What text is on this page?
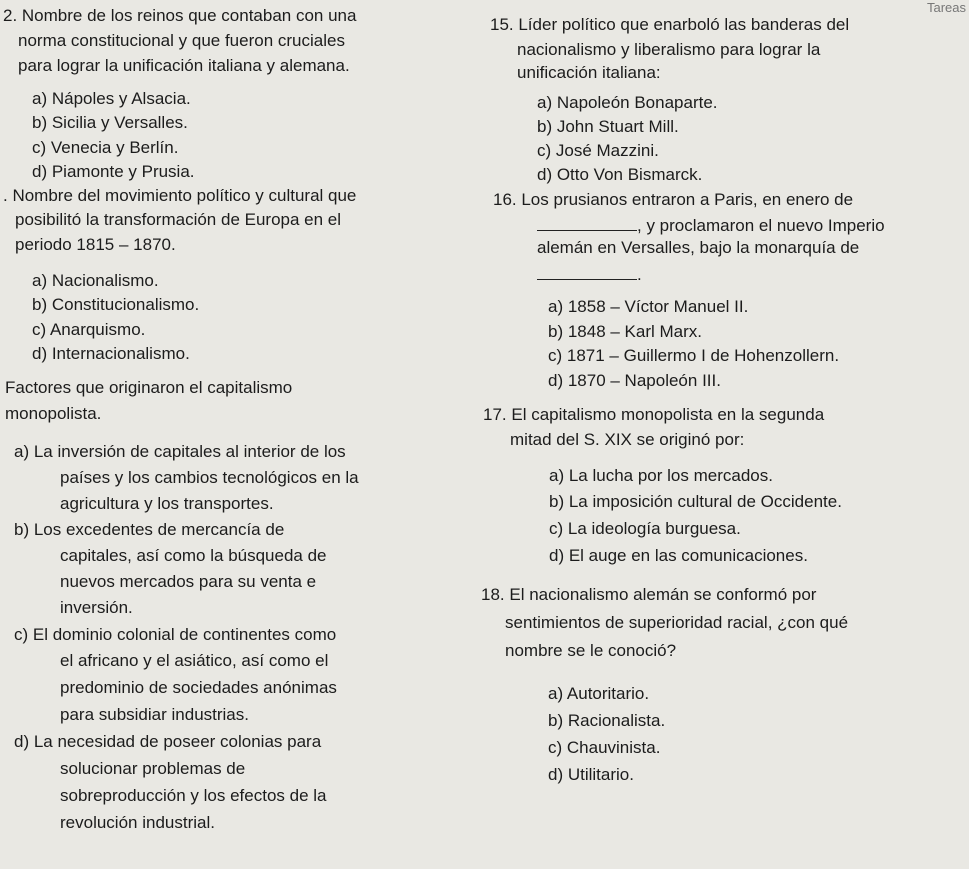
Tareas
2. Nombre de los reinos que contaban con una
norma constitucional y que fueron cruciales
para lograr la unificación italiana y alemana.
a) Nápoles y Alsacia.
b) Sicilia y Versalles.
c) Venecia y Berlín.
d) Piamonte y Prusia.
. Nombre del movimiento político y cultural que
posibilitó la transformación de Europa en el
periodo 1815 – 1870.
a) Nacionalismo.
b) Constitucionalismo.
c) Anarquismo.
d) Internacionalismo.
Factores que originaron el capitalismo
monopolista.
a) La inversión de capitales al interior de los
países y los cambios tecnológicos en la
agricultura y los transportes.
b) Los excedentes de mercancía de
capitales, así como la búsqueda de
nuevos mercados para su venta e
inversión.
c) El dominio colonial de continentes como
el africano y el asiático, así como el
predominio de sociedades anónimas
para subsidiar industrias.
d) La necesidad de poseer colonias para
solucionar problemas de
sobreproducción y los efectos de la
revolución industrial.
15. Líder político que enarboló las banderas del
nacionalismo y liberalismo para lograr la
unificación italiana:
a) Napoleón Bonaparte.
b) John Stuart Mill.
c) José Mazzini.
d) Otto Von Bismarck.
16. Los prusianos entraron a Paris, en enero de
, y proclamaron el nuevo Imperio
alemán en Versalles, bajo la monarquía de
.
a) 1858 – Víctor Manuel II.
b) 1848 – Karl Marx.
c) 1871 – Guillermo I de Hohenzollern.
d) 1870 – Napoleón III.
17. El capitalismo monopolista en la segunda
mitad del S. XIX se originó por:
a) La lucha por los mercados.
b) La imposición cultural de Occidente.
c) La ideología burguesa.
d) El auge en las comunicaciones.
18. El nacionalismo alemán se conformó por
sentimientos de superioridad racial, ¿con qué
nombre se le conoció?
a) Autoritario.
b) Racionalista.
c) Chauvinista.
d) Utilitario.
